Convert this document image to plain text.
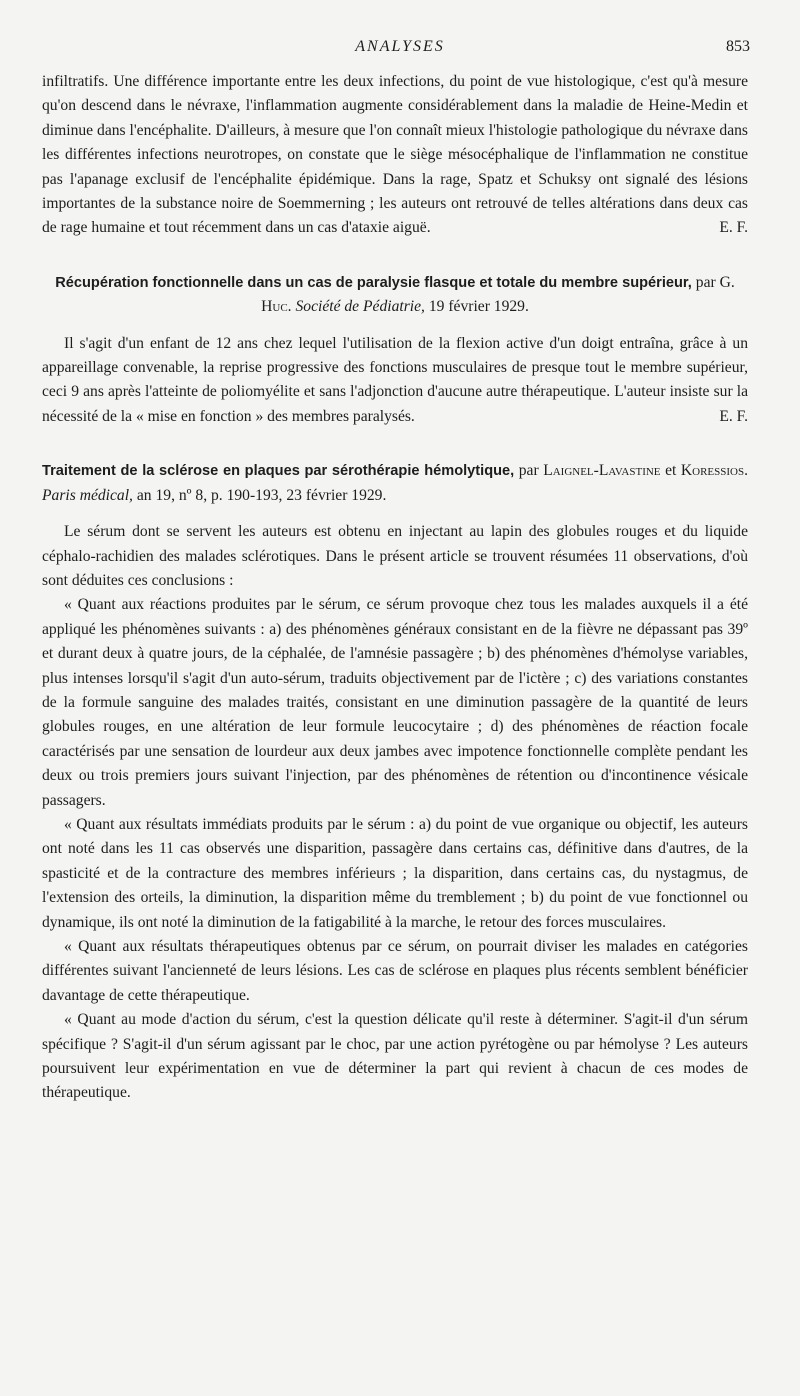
ANALYSES	853

infiltratifs. Une différence importante entre les deux infections, du point de vue histologique, c'est qu'à mesure qu'on descend dans le névraxe, l'inflammation augmente considérablement dans la maladie de Heine-Medin et diminue dans l'encéphalite. D'ailleurs, à mesure que l'on connaît mieux l'histologie pathologique du névraxe dans les différentes infections neurotropes, on constate que le siège mésocéphalique de l'inflammation ne constitue pas l'apanage exclusif de l'encéphalite épidémique. Dans la rage, Spatz et Schuksy ont signalé des lésions importantes de la substance noire de Soemmerning ; les auteurs ont retrouvé de telles altérations dans deux cas de rage humaine et tout récemment dans un cas d'ataxie aiguë.	E. F.

Récupération fonctionnelle dans un cas de paralysie flasque et totale du membre supérieur, par G. Huc. Société de Pédiatrie, 19 février 1929.

Il s'agit d'un enfant de 12 ans chez lequel l'utilisation de la flexion active d'un doigt entraîna, grâce à un appareillage convenable, la reprise progressive des fonctions musculaires de presque tout le membre supérieur, ceci 9 ans après l'atteinte de poliomyélite et sans l'adjonction d'aucune autre thérapeutique. L'auteur insiste sur la nécessité de la « mise en fonction » des membres paralysés.	E. F.

Traitement de la sclérose en plaques par sérothérapie hémolytique, par Laignel-Lavastine et Koressios. Paris médical, an 19, nº 8, p. 190-193, 23 février 1929.

Le sérum dont se servent les auteurs est obtenu en injectant au lapin des globules rouges et du liquide céphalo-rachidien des malades sclérotiques. Dans le présent article se trouvent résumées 11 observations, d'où sont déduites ces conclusions :

« Quant aux réactions produites par le sérum, ce sérum provoque chez tous les malades auxquels il a été appliqué les phénomènes suivants : a) des phénomènes généraux consistant en de la fièvre ne dépassant pas 39º et durant deux à quatre jours, de la céphalée, de l'amnésie passagère ; b) des phénomènes d'hémolyse variables, plus intenses lorsqu'il s'agit d'un auto-sérum, traduits objectivement par de l'ictère ; c) des variations constantes de la formule sanguine des malades traités, consistant en une diminution passagère de la quantité de leurs globules rouges, en une altération de leur formule leucocytaire ; d) des phénomènes de réaction focale caractérisés par une sensation de lourdeur aux deux jambes avec impotence fonctionnelle complète pendant les deux ou trois premiers jours suivant l'injection, par des phénomènes de rétention ou d'incontinence vésicale passagers.

« Quant aux résultats immédiats produits par le sérum : a) du point de vue organique ou objectif, les auteurs ont noté dans les 11 cas observés une disparition, passagère dans certains cas, définitive dans d'autres, de la spasticité et de la contracture des membres inférieurs ; la disparition, dans certains cas, du nystagmus, de l'extension des orteils, la diminution, la disparition même du tremblement ; b) du point de vue fonctionnel ou dynamique, ils ont noté la diminution de la fatigabilité à la marche, le retour des forces musculaires.

« Quant aux résultats thérapeutiques obtenus par ce sérum, on pourrait diviser les malades en catégories différentes suivant l'ancienneté de leurs lésions. Les cas de sclérose en plaques plus récents semblent bénéficier davantage de cette thérapeutique.

« Quant au mode d'action du sérum, c'est la question délicate qu'il reste à déterminer. S'agit-il d'un sérum spécifique ? S'agit-il d'un sérum agissant par le choc, par une action pyrétogène ou par hémolyse ? Les auteurs poursuivent leur expérimentation en vue de déterminer la part qui revient à chacun de ces modes de thérapeutique.
